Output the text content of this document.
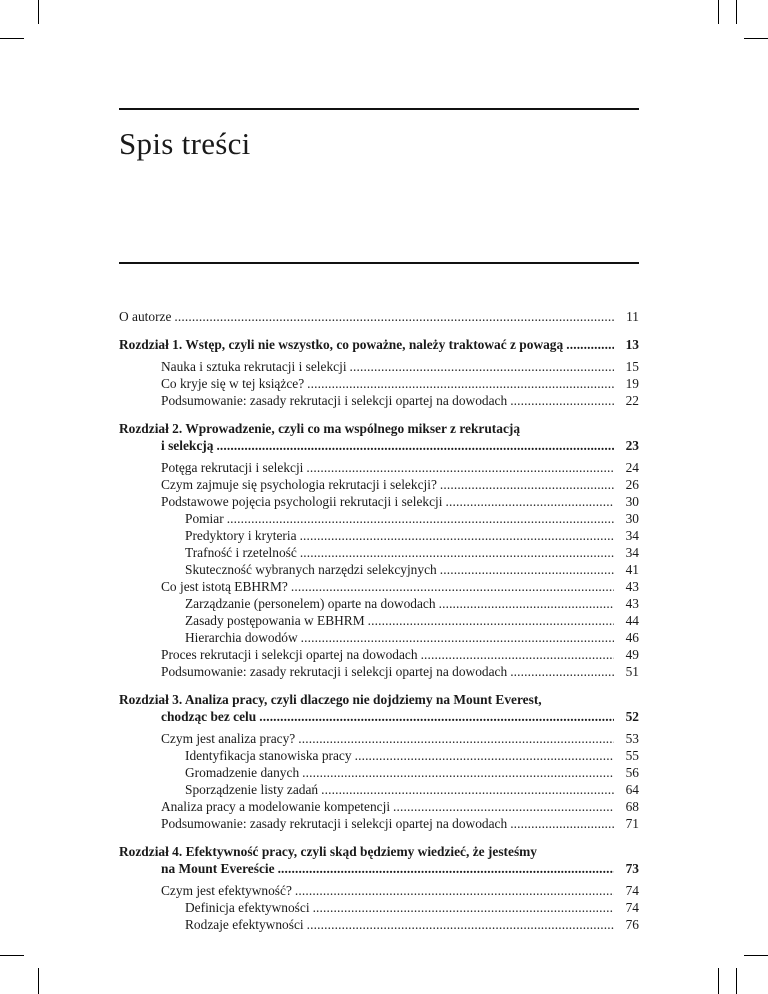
Spis treści
O autorze . . .	11
Rozdział 1. Wstęp, czyli nie wszystko, co poważne, należy traktować z powagą . . .	13
Nauka i sztuka rekrutacji i selekcji . . .	15
Co kryje się w tej książce? . . .	19
Podsumowanie: zasady rekrutacji i selekcji opartej na dowodach . . .	22
Rozdział 2. Wprowadzenie, czyli co ma wspólnego mikser z rekrutacją
i selekcją . . .	23
Potęga rekrutacji i selekcji . . .	24
Czym zajmuje się psychologia rekrutacji i selekcji? . . .	26
Podstawowe pojęcia psychologii rekrutacji i selekcji . . .	30
Pomiar . . .	30
Predyktory i kryteria . . .	34
Trafność i rzetelność . . .	34
Skuteczność wybranych narzędzi selekcyjnych . . .	41
Co jest istotą EBHRM? . . .	43
Zarządzanie (personelem) oparte na dowodach . . .	43
Zasady postępowania w EBHRM . . .	44
Hierarchia dowodów . . .	46
Proces rekrutacji i selekcji opartej na dowodach . . .	49
Podsumowanie: zasady rekrutacji i selekcji opartej na dowodach . . .	51
Rozdział 3. Analiza pracy, czyli dlaczego nie dojdziemy na Mount Everest,
chodząc bez celu . . .	52
Czym jest analiza pracy? . . .	53
Identyfikacja stanowiska pracy . . .	55
Gromadzenie danych . . .	56
Sporządzenie listy zadań . . .	64
Analiza pracy a modelowanie kompetencji . . .	68
Podsumowanie: zasady rekrutacji i selekcji opartej na dowodach . . .	71
Rozdział 4. Efektywność pracy, czyli skąd będziemy wiedzieć, że jesteśmy
na Mount Evereście . . .	73
Czym jest efektywność? . . .	74
Definicja efektywności . . .	74
Rodzaje efektywności . . .	76
